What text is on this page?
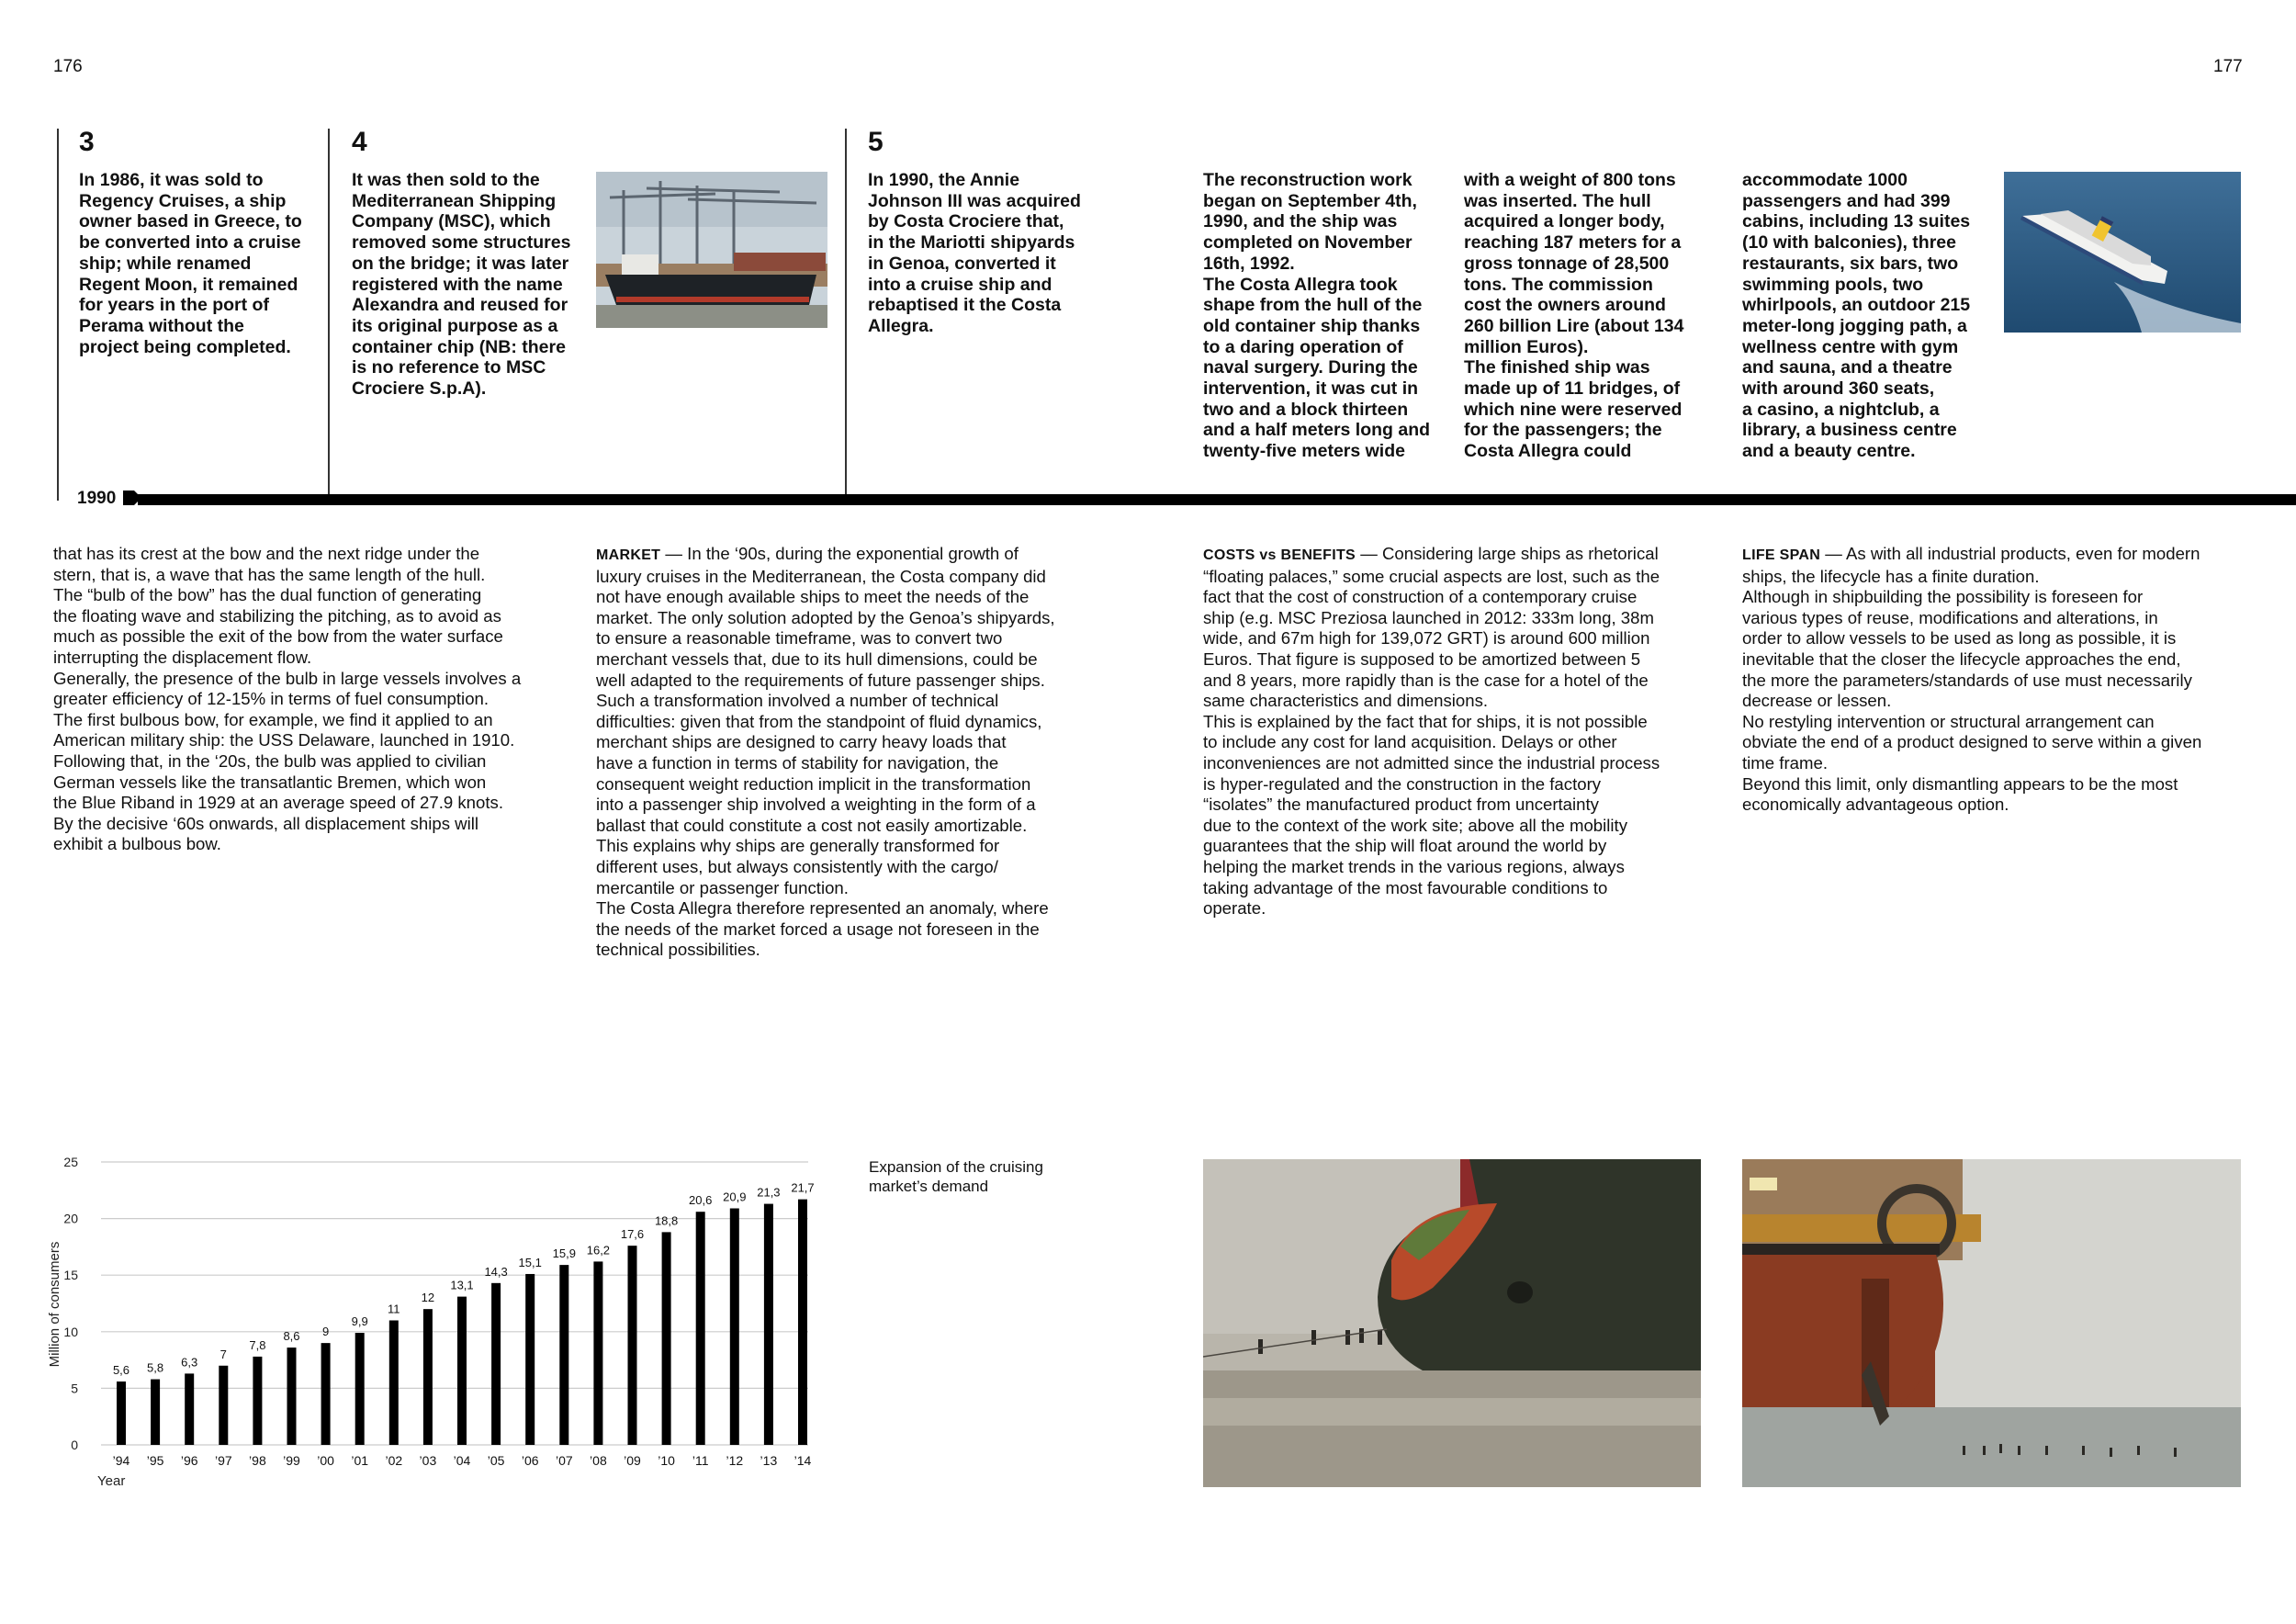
176	177
3
In 1986, it was sold to
Regency Cruises, a ship
owner based in Greece, to
be converted into a cruise
ship; while renamed
Regent Moon, it remained
for years in the port of
Perama without the
project being completed.
4
It was then sold to the
Mediterranean Shipping
Company (MSC), which
removed some structures
on the bridge; it was later
registered with the name
Alexandra and reused for
its original purpose as a
container chip (NB: there
is no reference to MSC
Crociere S.p.A).
5
In 1990, the Annie
Johnson III was acquired
by Costa Crociere that,
in the Mariotti shipyards
in Genoa, converted it
into a cruise ship and
rebaptised it the Costa
Allegra.
The reconstruction work
began on September 4th,
1990, and the ship was
completed on November
16th, 1992.
The Costa Allegra took
shape from the hull of the
old container ship thanks
to a daring operation of
naval surgery. During the
intervention, it was cut in
two and a block thirteen
and a half meters long and
twenty-five meters wide
with a weight of 800 tons
was inserted. The hull
acquired a longer body,
reaching 187 meters for a
gross tonnage of 28,500
tons. The commission
cost the owners around
260 billion Lire (about 134
million Euros).
The finished ship was
made up of 11 bridges, of
which nine were reserved
for the passengers; the
Costa Allegra could
accommodate 1000
passengers and had 399
cabins, including 13 suites
(10 with balconies), three
restaurants, six bars, two
swimming pools, two
whirlpools, an outdoor 215
meter-long jogging path, a
wellness centre with gym
and sauna, and a theatre
with around 360 seats,
a casino, a nightclub, a
library, a business centre
and a beauty centre.
1990
that has its crest at the bow and the next ridge under the
stern, that is, a wave that has the same length of the hull.
The “bulb of the bow” has the dual function of generating
the floating wave and stabilizing the pitching, as to avoid as
much as possible the exit of the bow from the water surface
interrupting the displacement flow.
Generally, the presence of the bulb in large vessels involves a
greater efficiency of 12-15% in terms of fuel consumption.
The first bulbous bow, for example, we find it applied to an
American military ship: the USS Delaware, launched in 1910.
Following that, in the ‘20s, the bulb was applied to civilian
German vessels like the transatlantic Bremen, which won
the Blue Riband in 1929 at an average speed of 27.9 knots.
By the decisive ‘60s onwards, all displacement ships will
exhibit a bulbous bow.

MARKET — In the ‘90s, during the exponential growth of

luxury cruises in the Mediterranean, the Costa company did
not have enough available ships to meet the needs of the
market. The only solution adopted by the Genoa’s shipyards,
to ensure a reasonable timeframe, was to convert two
merchant vessels that, due to its hull dimensions, could be
well adapted to the requirements of future passenger ships.
Such a transformation involved a number of technical
difficulties: given that from the standpoint of fluid dynamics,
merchant ships are designed to carry heavy loads that
have a function in terms of stability for navigation, the
consequent weight reduction implicit in the transformation
into a passenger ship involved a weighting in the form of a
ballast that could constitute a cost not easily amortizable.
This explains why ships are generally transformed for
different uses, but always consistently with the cargo/
mercantile or passenger function.
The Costa Allegra therefore represented an anomaly, where
the needs of the market forced a usage not foreseen in the
technical possibilities.

COSTS vs BENEFITS — Considering large ships as rhetorical

“floating palaces,” some crucial aspects are lost, such as the
fact that the cost of construction of a contemporary cruise
ship (e.g. MSC Preziosa launched in 2012: 333m long, 38m
wide, and 67m high for 139,072 GRT) is around 600 million
Euros. That figure is supposed to be amortized between 5
and 8 years, more rapidly than is the case for a hotel of the
same characteristics and dimensions.
This is explained by the fact that for ships, it is not possible
to include any cost for land acquisition. Delays or other
inconveniences are not admitted since the industrial process
is hyper-regulated and the construction in the factory
“isolates” the manufactured product from uncertainty
due to the context of the work site; above all the mobility
guarantees that the ship will float around the world by
helping the market trends in the various regions, always
taking advantage of the most favourable conditions to
operate.

LIFE SPAN — As with all industrial products, even for modern

ships, the lifecycle has a finite duration.
Although in shipbuilding the possibility is foreseen for
various types of reuse, modifications and alterations, in
order to allow vessels to be used as long as possible, it is
inevitable that the closer the lifecycle approaches the end,
the more the parameters/standards of use must necessarily
decrease or lessen.
No restyling intervention or structural arrangement can
obviate the end of a product designed to serve within a given
time frame.
Beyond this limit, only dismantling appears to be the most
economically advantageous option.
0
5
10
15
20
25
5,6
’94
5,8
’95
6,3
’96
7
’97
7,8
’98
8,6
’99
9
’00
9,9
’01
11
’02
12
’03
13,1
’04
14,3
’05
15,1
’06
15,9
’07
16,2
’08
17,6
’09
18,8
’10
20,6
’11
20,9
’12
21,3
’13
21,7
’14
Million of consumers
Year
Expansion of the cruising
market’s demand
